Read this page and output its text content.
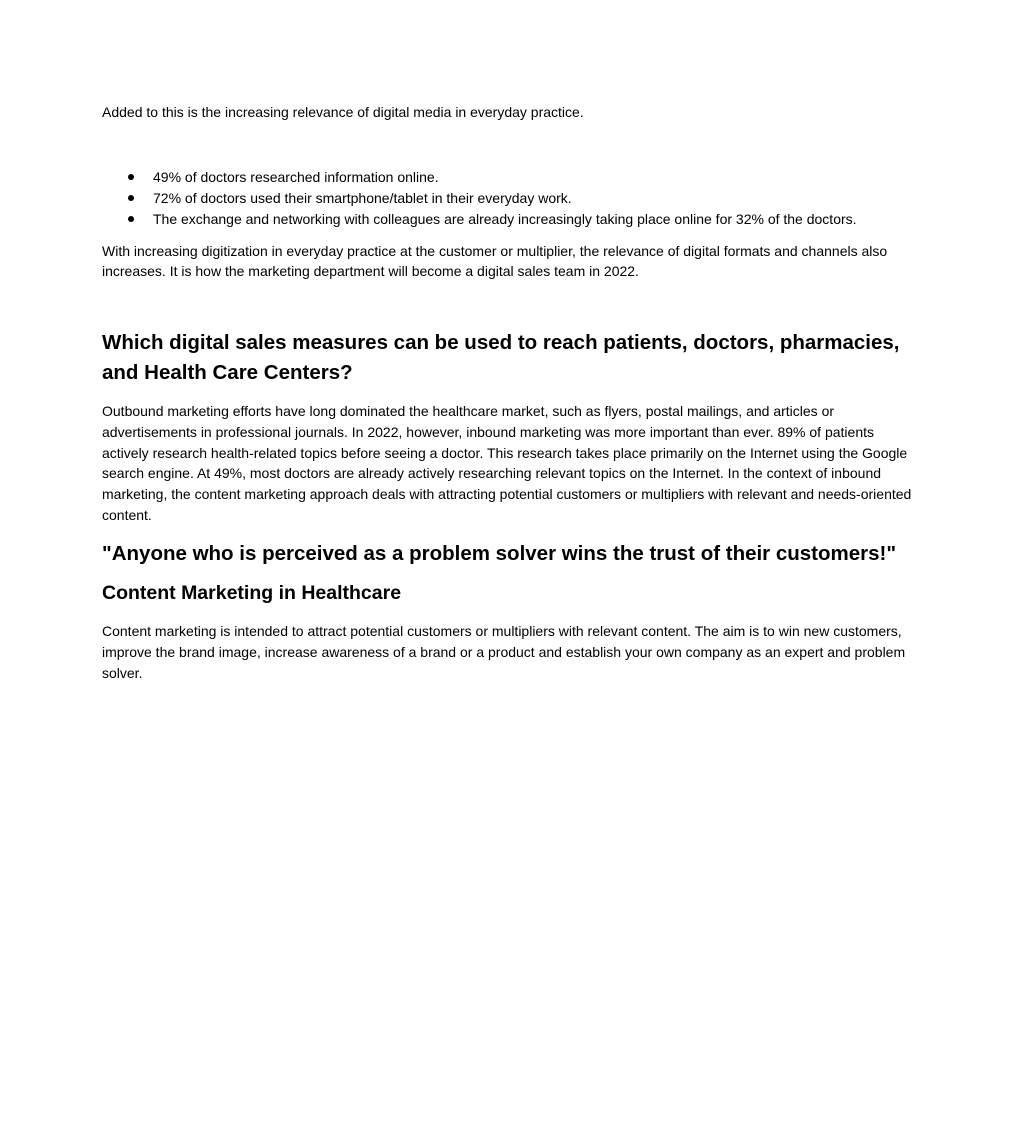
Added to this is the increasing relevance of digital media in everyday practice.

49% of doctors researched information online.
72% of doctors used their smartphone/tablet in their everyday work.
The exchange and networking with colleagues are already increasingly taking place online for 32% of the doctors.

With increasing digitization in everyday practice at the customer or multiplier, the relevance of digital formats and channels also increases. It is how the marketing department will become a digital sales team in 2022.

Which digital sales measures can be used to reach patients, doctors, pharmacies, and Health Care Centers?

Outbound marketing efforts have long dominated the healthcare market, such as flyers, postal mailings, and articles or advertisements in professional journals. In 2022, however, inbound marketing was more important than ever. 89% of patients actively research health-related topics before seeing a doctor. This research takes place primarily on the Internet using the Google search engine. At 49%, most doctors are already actively researching relevant topics on the Internet. In the context of inbound marketing, the content marketing approach deals with attracting potential customers or multipliers with relevant and needs-oriented content.

"Anyone who is perceived as a problem solver wins the trust of their customers!"
Content Marketing in Healthcare

Content marketing is intended to attract potential customers or multipliers with relevant content. The aim is to win new customers, improve the brand image, increase awareness of a brand or a product and establish your own company as an expert and problem solver.
